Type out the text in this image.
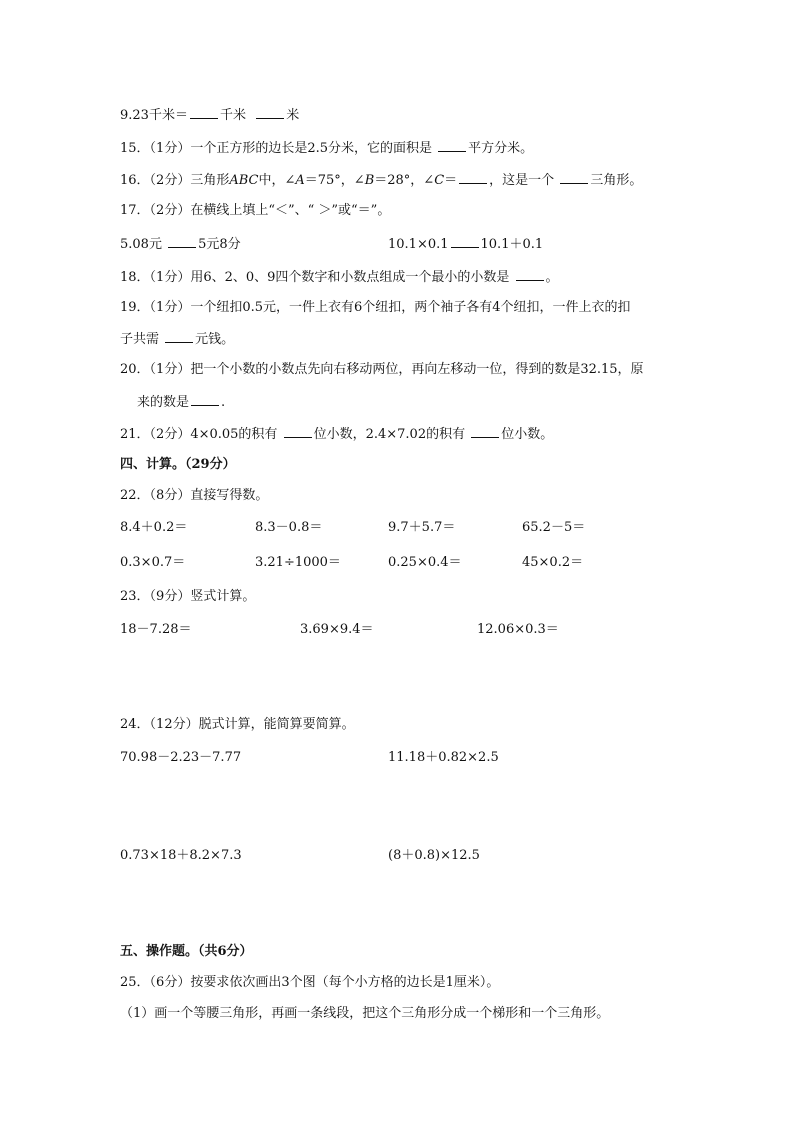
9.23千米＝ 千米	米
15．（1分）一个正方形的边长是2.5分米，它的面积是	平方分米。
16．（2分）三角形ABC中，∠A＝75°，∠B＝28°，∠C＝ ，这是一个	三角形。
17．（2分）在横线上填上“＜”、“ ＞”或“＝”。
5.08元	5元8分	10.1×0.1 10.1＋0.1
18．（1分）用6、2、0、9四个数字和小数点组成一个最小的小数是	。
19．（1分）一个纽扣0.5元，一件上衣有6个纽扣，两个袖子各有4个纽扣，一件上衣的扣
子共需	元钱。
20．（1分）把一个小数的小数点先向右移动两位，再向左移动一位，得到的数是32.15，原
来的数是 .
21．（2分）4×0.05的积有	位小数，2.4×7.02的积有	位小数。
四、计算。（29分）
22．（8分）直接写得数。
8.4＋0.2＝	8.3－0.8＝	9.7＋5.7＝	65.2－5＝
0.3×0.7＝	3.21÷1000＝	0.25×0.4＝	45×0.2＝
23．（9分）竖式计算。
18－7.28＝	3.69×9.4＝	12.06×0.3＝
24．（12分）脱式计算，能简算要简算。
70.98－2.23－7.77	11.18＋0.82×2.5
0.73×18＋8.2×7.3	(8＋0.8)×12.5
五、操作题。（共6分）
25．（6分）按要求依次画出3个图（每个小方格的边长是1厘米）。
（1）画一个等腰三角形，再画一条线段，把这个三角形分成一个梯形和一个三角形。
